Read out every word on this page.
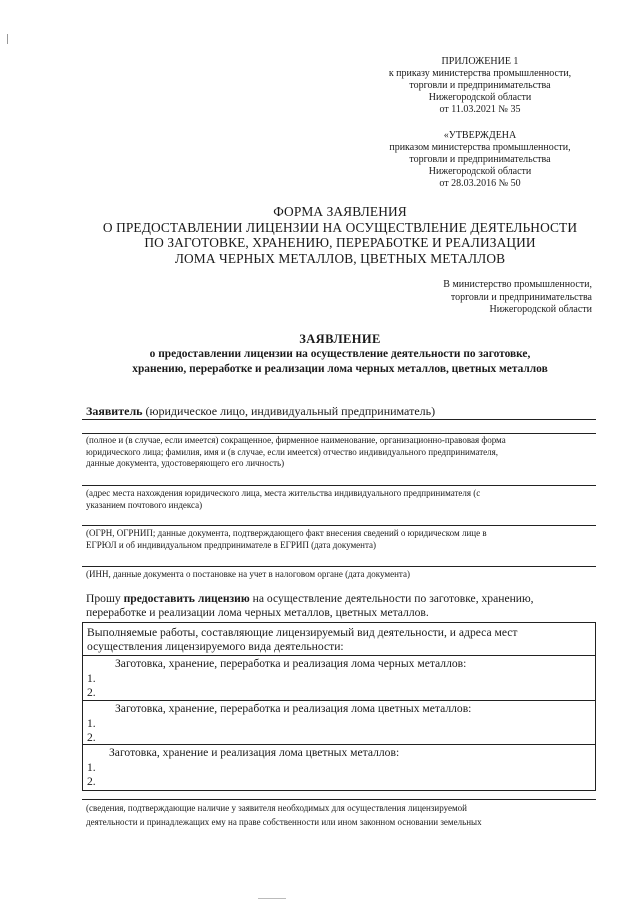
ПРИЛОЖЕНИЕ 1
к приказу министерства промышленности,
торговли и предпринимательства
Нижегородской области
от 11.03.2021 № 35
«УТВЕРЖДЕНА
приказом министерства промышленности,
торговли и предпринимательства
Нижегородской области
от 28.03.2016 № 50
ФОРМА ЗАЯВЛЕНИЯ
О ПРЕДОСТАВЛЕНИИ ЛИЦЕНЗИИ НА ОСУЩЕСТВЛЕНИЕ ДЕЯТЕЛЬНОСТИ
ПО ЗАГОТОВКЕ, ХРАНЕНИЮ, ПЕРЕРАБОТКЕ И РЕАЛИЗАЦИИ
ЛОМА ЧЕРНЫХ МЕТАЛЛОВ, ЦВЕТНЫХ МЕТАЛЛОВ
В министерство промышленности,
торговли и предпринимательства
Нижегородской области
ЗАЯВЛЕНИЕ
о предоставлении лицензии на осуществление деятельности по заготовке,
хранению, переработке и реализации лома черных металлов, цветных металлов
Заявитель (юридическое лицо, индивидуальный предприниматель)
(полное и (в случае, если имеется) сокращенное, фирменное наименование, организационно-правовая форма
юридического лица; фамилия, имя и (в случае, если имеется) отчество индивидуального предпринимателя,
данные документа, удостоверяющего его личность)
(адрес места нахождения юридического лица, места жительства индивидуального предпринимателя (с
указанием почтового индекса)
(ОГРН, ОГРНИП; данные документа, подтверждающего факт внесения сведений о юридическом лице в
ЕГРЮЛ и об индивидуальном предпринимателе в ЕГРИП (дата документа)
(ИНН, данные документа о постановке на учет в налоговом органе (дата документа)
Прошу предоставить лицензию на осуществление деятельности по заготовке, хранению,
переработке и реализации лома черных металлов, цветных металлов.
Выполняемые работы, составляющие лицензируемый вид деятельности, и адреса мест
осуществления лицензируемого вида деятельности:
Заготовка, хранение, переработка и реализация лома черных металлов:
1.
2.
Заготовка, хранение, переработка и реализация лома цветных металлов:
1.
2.
Заготовка, хранение и реализация лома цветных металлов:
1.
2.
(сведения, подтверждающие наличие у заявителя необходимых для осуществления лицензируемой
деятельности и принадлежащих ему на праве собственности или ином законном основании земельных
